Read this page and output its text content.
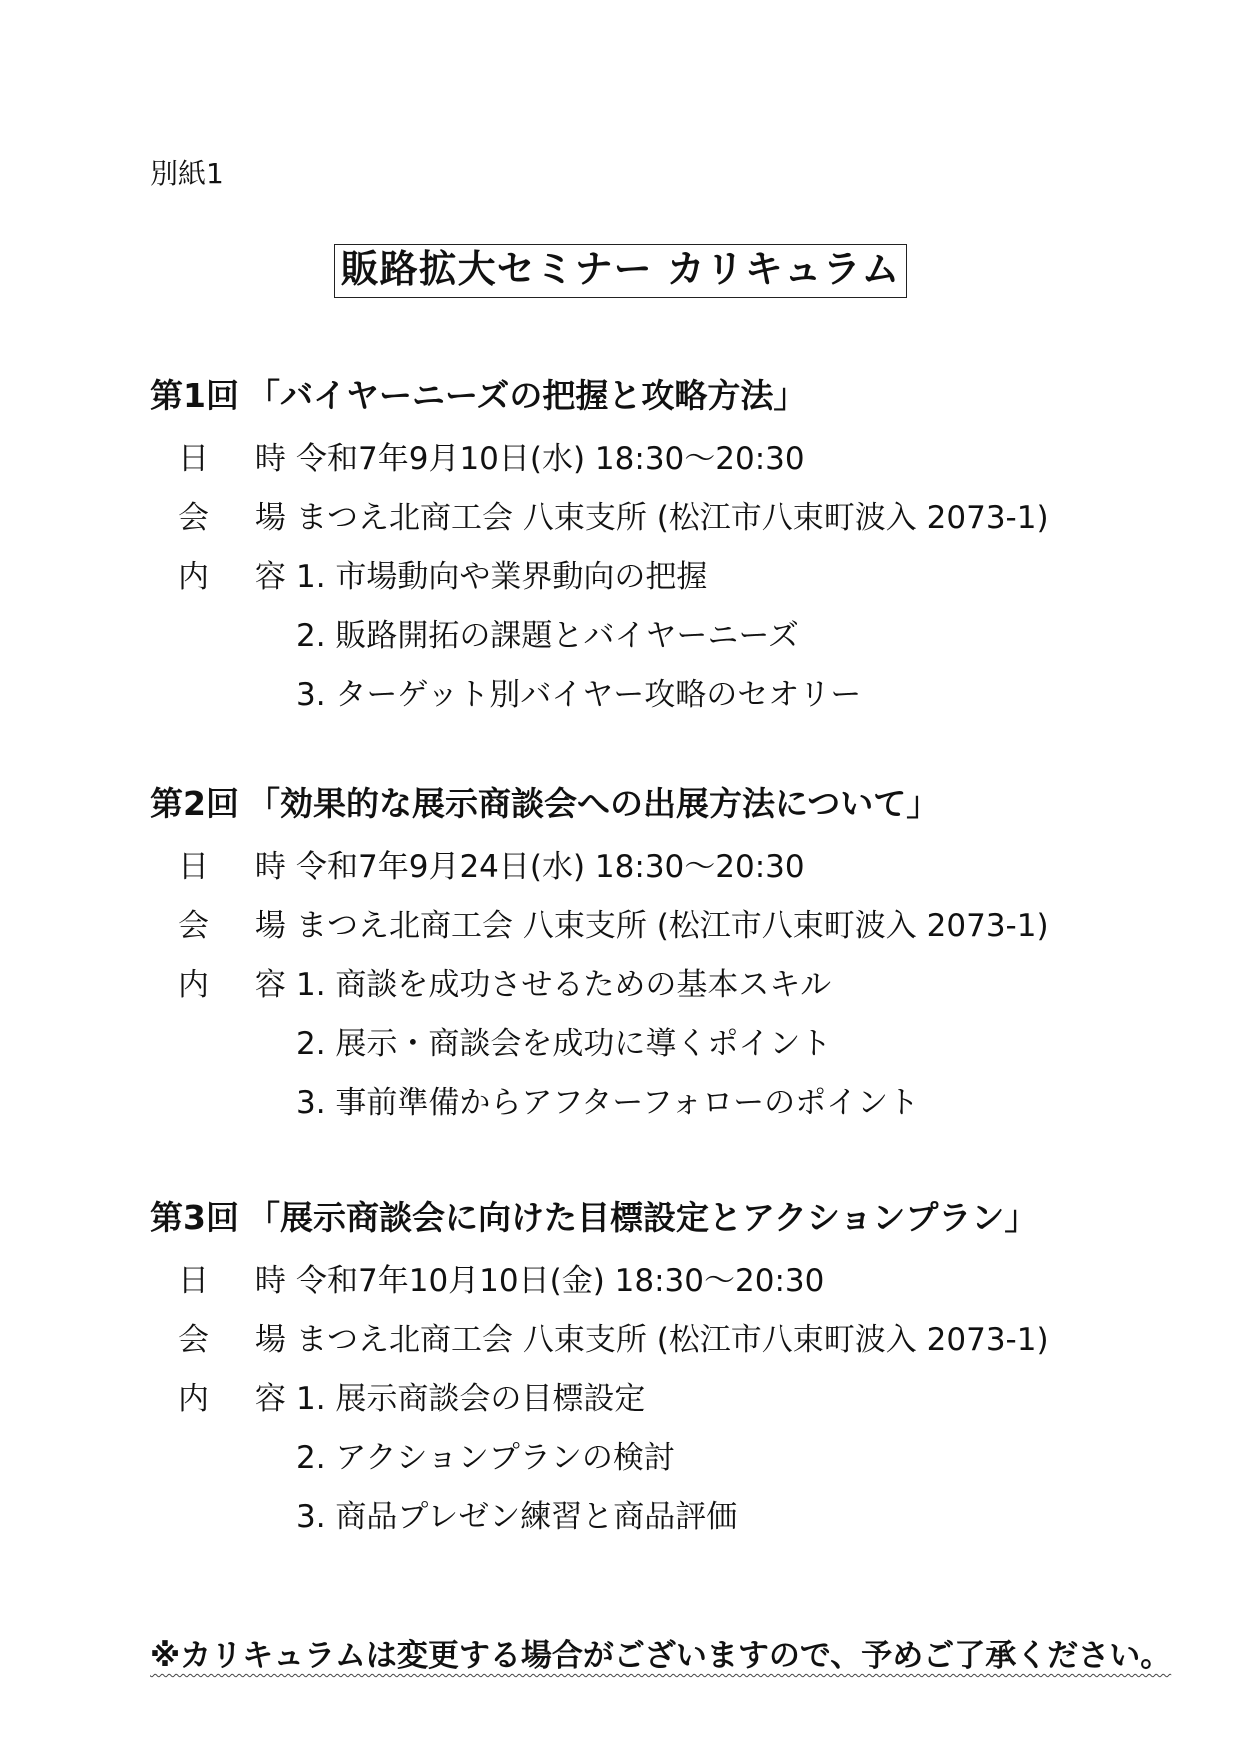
別紙1
販路拡大セミナー カリキュラム
第1回 「バイヤーニーズの把握と攻略方法」
日 時
令和7年9月10日(水) 18:30〜20:30
会 場
まつえ北商工会 八束支所 (松江市八束町波入 2073-1)
内 容
1. 市場動向や業界動向の把握
2. 販路開拓の課題とバイヤーニーズ
3. ターゲット別バイヤー攻略のセオリー
第2回 「効果的な展示商談会への出展方法について」
日 時
令和7年9月24日(水) 18:30〜20:30
会 場
まつえ北商工会 八束支所 (松江市八束町波入 2073-1)
内 容
1. 商談を成功させるための基本スキル
2. 展示・商談会を成功に導くポイント
3. 事前準備からアフターフォローのポイント
第3回 「展示商談会に向けた目標設定とアクションプラン」
日 時
令和7年10月10日(金) 18:30〜20:30
会 場
まつえ北商工会 八束支所 (松江市八束町波入 2073-1)
内 容
1. 展示商談会の目標設定
2. アクションプランの検討
3. 商品プレゼン練習と商品評価
※カリキュラムは変更する場合がございますので、予めご了承ください。
